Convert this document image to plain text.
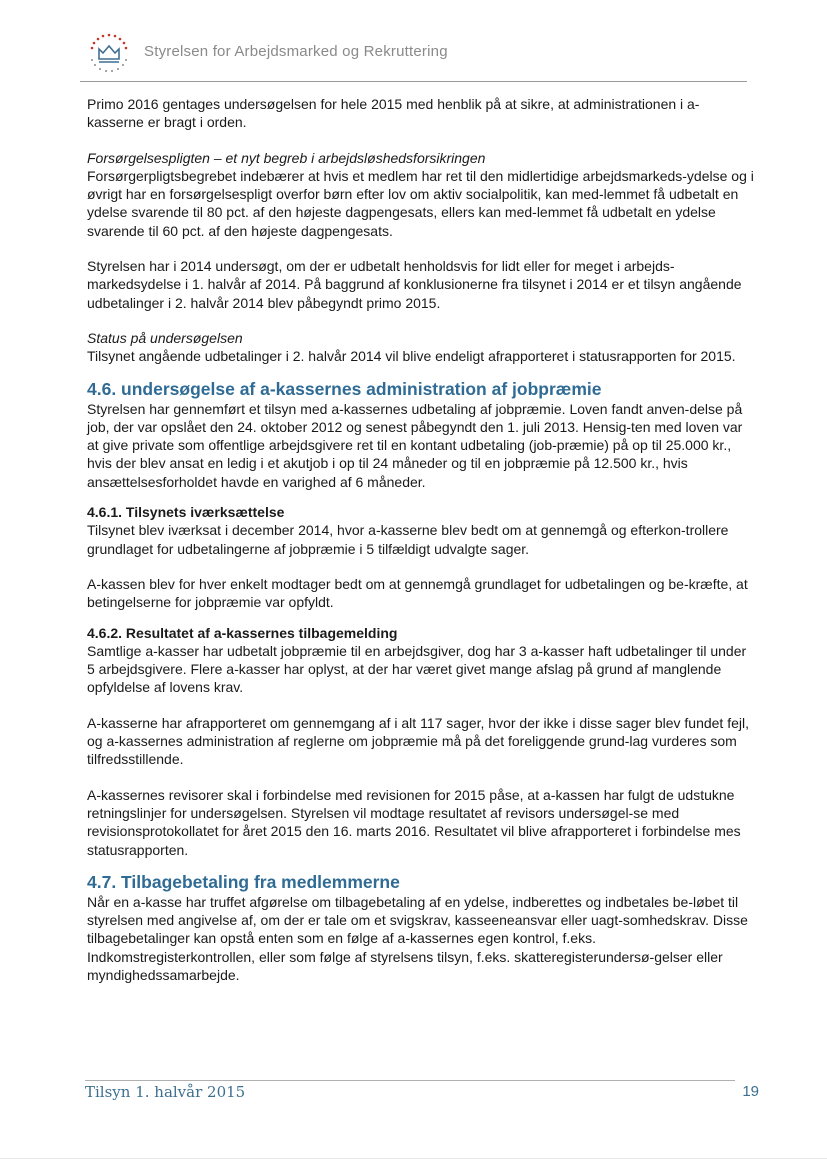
Styrelsen for Arbejdsmarked og Rekruttering

Primo 2016 gentages undersøgelsen for hele 2015 med henblik på at sikre, at administrationen i a-kasserne er bragt i orden.

Forsørgelsespligten – et nyt begreb i arbejdsløshedsforsikringen

Forsørgerpligtsbegrebet indebærer at hvis et medlem har ret til den midlertidige arbejdsmarkeds-ydelse og i øvrigt har en forsørgelsespligt overfor børn efter lov om aktiv socialpolitik, kan med-lemmet få udbetalt en ydelse svarende til 80 pct. af den højeste dagpengesats, ellers kan med-lemmet få udbetalt en ydelse svarende til 60 pct. af den højeste dagpengesats.

Styrelsen har i 2014 undersøgt, om der er udbetalt henholdsvis for lidt eller for meget i arbejds-markedsydelse i 1. halvår af 2014. På baggrund af konklusionerne fra tilsynet i 2014 er et tilsyn angående udbetalinger i 2. halvår 2014 blev påbegyndt primo 2015.

Status på undersøgelsen

Tilsynet angående udbetalinger i 2. halvår 2014 vil blive endeligt afrapporteret i statusrapporten for 2015.

4.6. undersøgelse af a-kassernes administration af jobpræmie

Styrelsen har gennemført et tilsyn med a-kassernes udbetaling af jobpræmie. Loven fandt anven-delse på job, der var opslået den 24. oktober 2012 og senest påbegyndt den 1. juli 2013. Hensig-ten med loven var at give private som offentlige arbejdsgivere ret til en kontant udbetaling (job-præmie) på op til 25.000 kr., hvis der blev ansat en ledig i et akutjob i op til 24 måneder og til en jobpræmie på 12.500 kr., hvis ansættelsesforholdet havde en varighed af 6 måneder.

4.6.1. Tilsynets iværksættelse

Tilsynet blev iværksat i december 2014, hvor a-kasserne blev bedt om at gennemgå og efterkon-trollere grundlaget for udbetalingerne af jobpræmie i 5 tilfældigt udvalgte sager.

A-kassen blev for hver enkelt modtager bedt om at gennemgå grundlaget for udbetalingen og be-kræfte, at betingelserne for jobpræmie var opfyldt.

4.6.2. Resultatet af a-kassernes tilbagemelding

Samtlige a-kasser har udbetalt jobpræmie til en arbejdsgiver, dog har 3 a-kasser haft udbetalinger til under 5 arbejdsgivere. Flere a-kasser har oplyst, at der har været givet mange afslag på grund af manglende opfyldelse af lovens krav.

A-kasserne har afrapporteret om gennemgang af i alt 117 sager, hvor der ikke i disse sager blev fundet fejl, og a-kassernes administration af reglerne om jobpræmie må på det foreliggende grund-lag vurderes som tilfredsstillende.

A-kassernes revisorer skal i forbindelse med revisionen for 2015 påse, at a-kassen har fulgt de udstukne retningslinjer for undersøgelsen. Styrelsen vil modtage resultatet af revisors undersøgel-se med revisionsprotokollatet for året 2015 den 16. marts 2016. Resultatet vil blive afrapporteret i forbindelse mes statusrapporten.

4.7. Tilbagebetaling fra medlemmerne

Når en a-kasse har truffet afgørelse om tilbagebetaling af en ydelse, indberettes og indbetales be-løbet til styrelsen med angivelse af, om der er tale om et svigskrav, kasseeneansvar eller uagt-somhedskrav. Disse tilbagebetalinger kan opstå enten som en følge af a-kassernes egen kontrol, f.eks. Indkomstregisterkontrollen, eller som følge af styrelsens tilsyn, f.eks. skatteregisterundersø-gelser eller myndighedssamarbejde.

Tilsyn 1. halvår 2015	19
